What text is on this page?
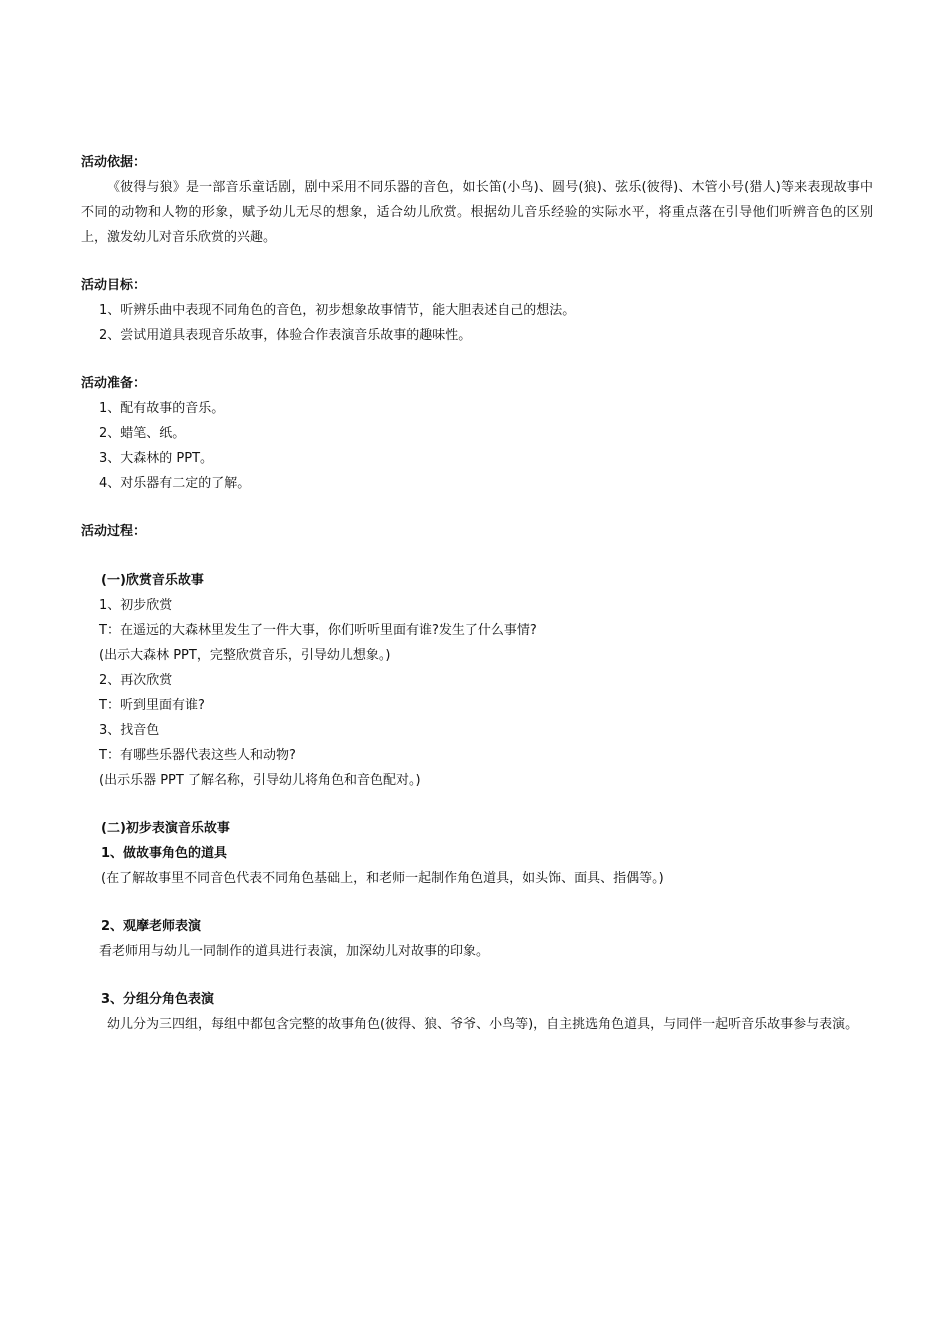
活动依据：
《彼得与狼》是一部音乐童话剧，剧中采用不同乐器的音色，如长笛(小鸟)、圆号(狼)、弦乐(彼得)、木管小号(猎人)等来表现故事中不同的动物和人物的形象，赋予幼儿无尽的想象，适合幼儿欣赏。根据幼儿音乐经验的实际水平，将重点落在引导他们听辨音色的区别上，激发幼儿对音乐欣赏的兴趣。
活动目标：
1、听辨乐曲中表现不同角色的音色，初步想象故事情节，能大胆表述自己的想法。
2、尝试用道具表现音乐故事，体验合作表演音乐故事的趣味性。
活动准备：
1、配有故事的音乐。
2、蜡笔、纸。
3、大森林的 PPT。
4、对乐器有二定的了解。
活动过程：
(一)欣赏音乐故事
1、初步欣赏
T：在遥远的大森林里发生了一件大事，你们听听里面有谁?发生了什么事情?
(出示大森林 PPT，完整欣赏音乐，引导幼儿想象。)
2、再次欣赏
T：听到里面有谁?
3、找音色
T：有哪些乐器代表这些人和动物?
(出示乐器 PPT 了解名称，引导幼儿将角色和音色配对。)
(二)初步表演音乐故事
1、做故事角色的道具
(在了解故事里不同音色代表不同角色基础上，和老师一起制作角色道具，如头饰、面具、指偶等。)
2、观摩老师表演
看老师用与幼儿一同制作的道具进行表演，加深幼儿对故事的印象。
3、分组分角色表演
幼儿分为三四组，每组中都包含完整的故事角色(彼得、狼、爷爷、小鸟等)，自主挑选角色道具，与同伴一起听音乐故事参与表演。
